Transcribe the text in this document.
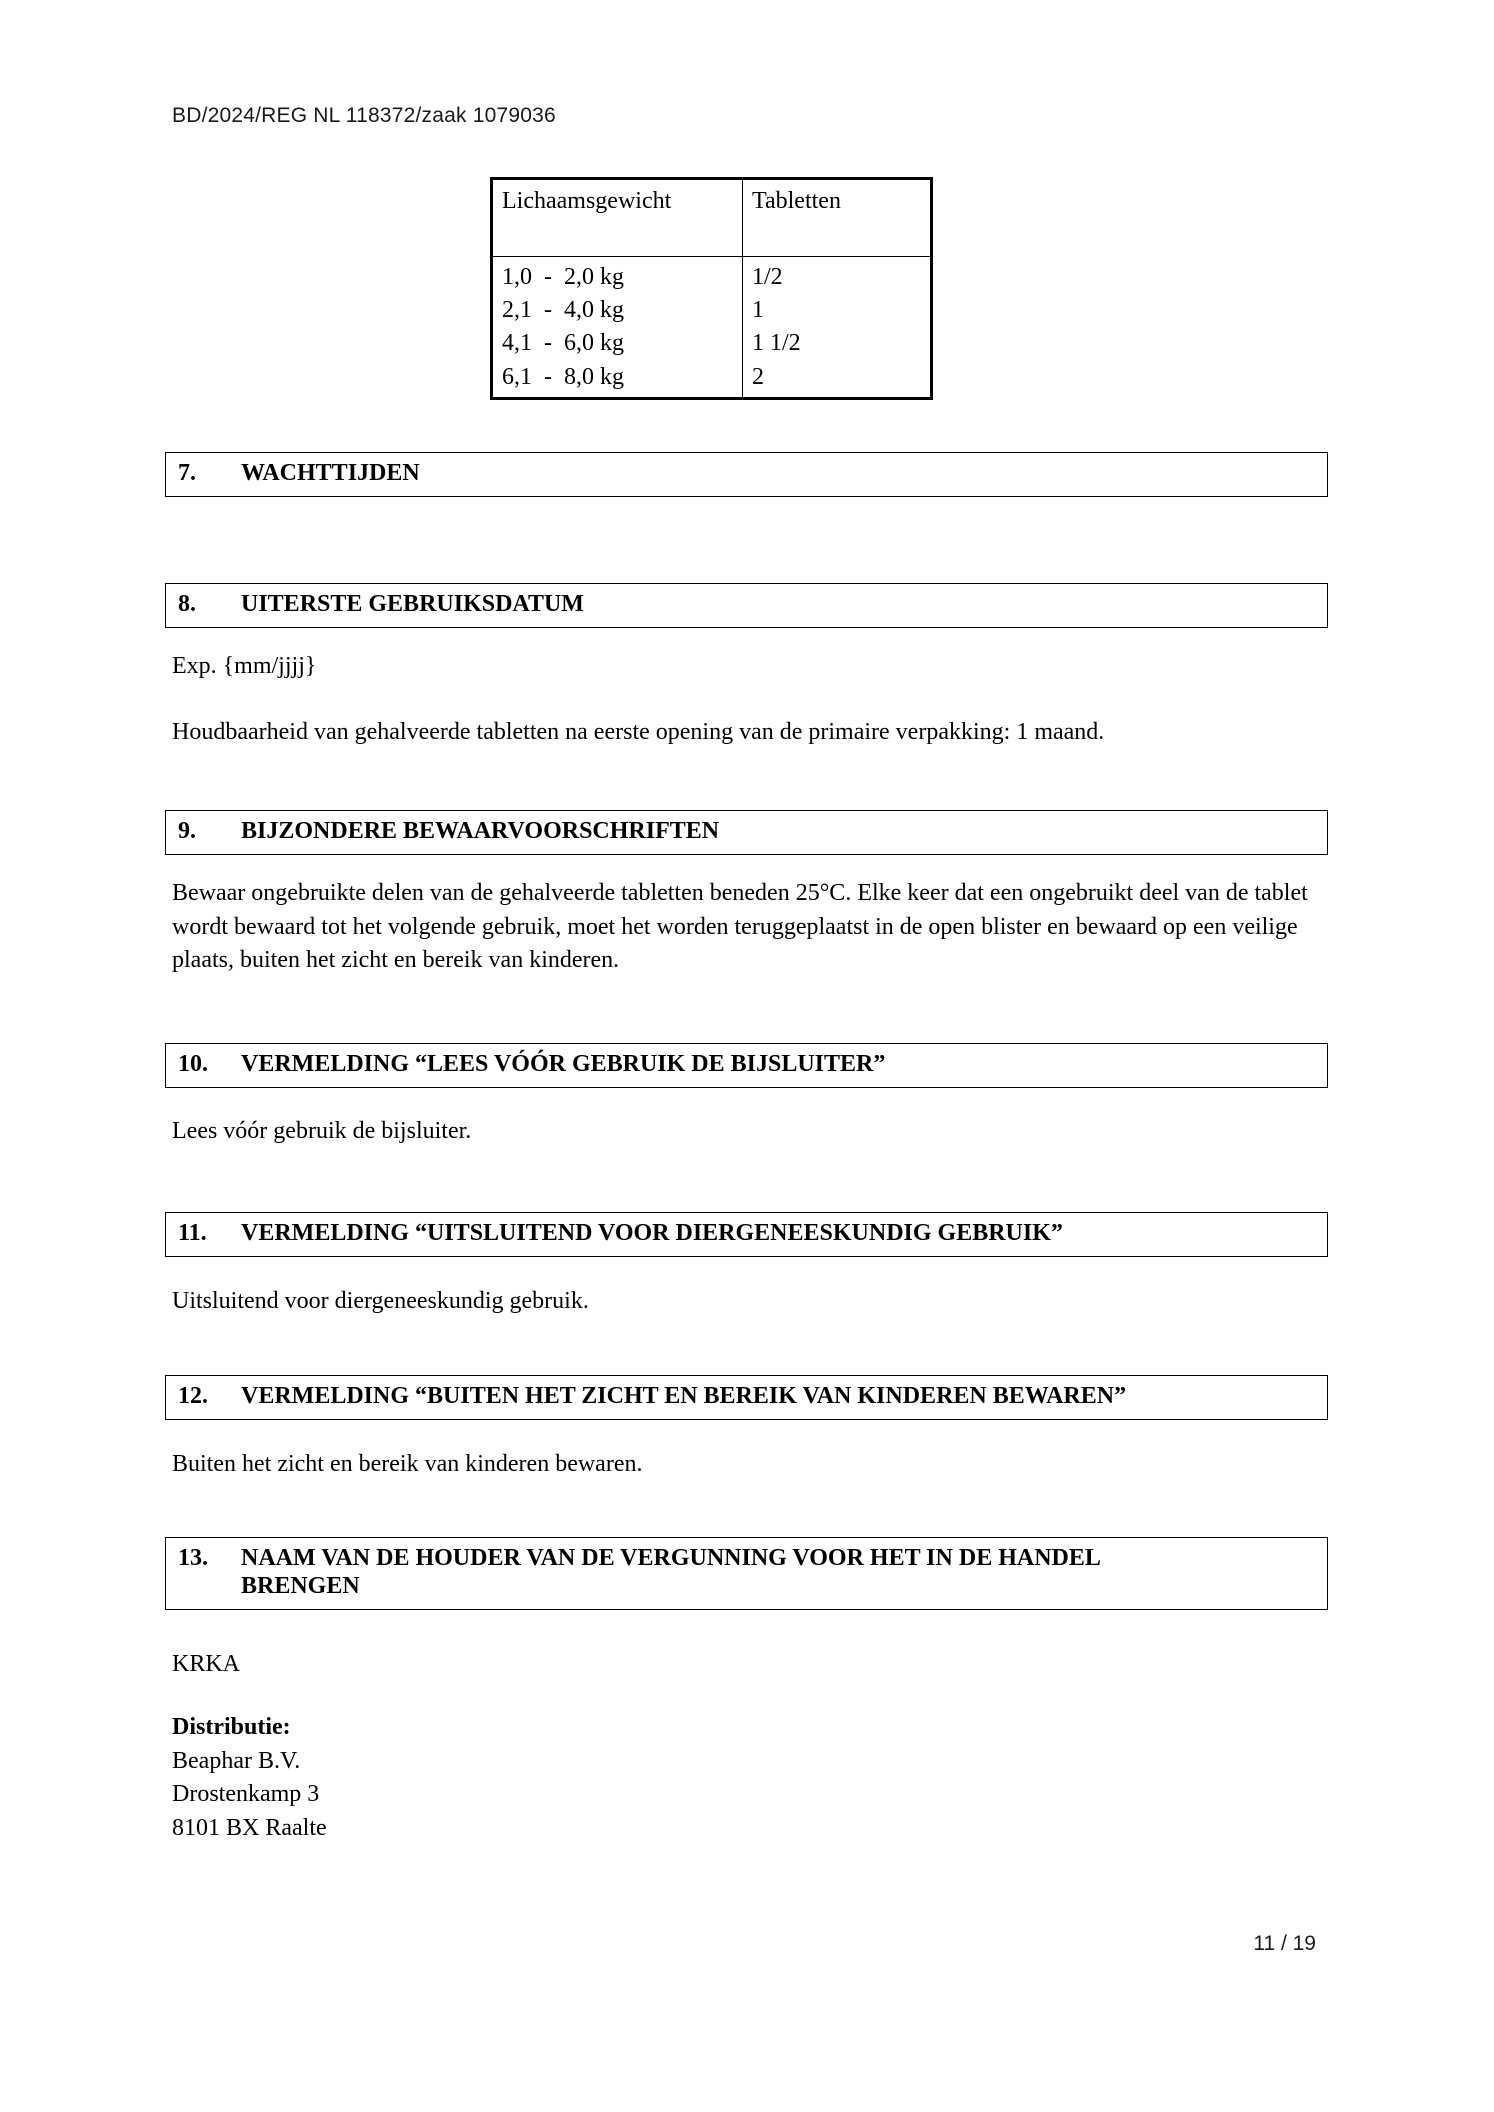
BD/2024/REG NL 118372/zaak 1079036
Lichaamsgewicht	Tabletten
1,0  -  2,0 kg	1/2
2,1  -  4,0 kg	1
4,1  -  6,0 kg	1 1/2
6,1  -  8,0 kg	2
7. WACHTTIJDEN
8. UITERSTE GEBRUIKSDATUM
Exp. {mm/jjjj}
Houdbaarheid van gehalveerde tabletten na eerste opening van de primaire verpakking: 1 maand.
9. BIJZONDERE BEWAARVOORSCHRIFTEN
Bewaar ongebruikte delen van de gehalveerde tabletten beneden 25°C. Elke keer dat een ongebruikt deel van de tablet wordt bewaard tot het volgende gebruik, moet het worden teruggeplaatst in de open blister en bewaard op een veilige plaats, buiten het zicht en bereik van kinderen.
10. VERMELDING “LEES VÓÓR GEBRUIK DE BIJSLUITER”
Lees vóór gebruik de bijsluiter.
11. VERMELDING “UITSLUITEND VOOR DIERGENEESKUNDIG GEBRUIK”
Uitsluitend voor diergeneeskundig gebruik.
12. VERMELDING “BUITEN HET ZICHT EN BEREIK VAN KINDEREN BEWAREN”
Buiten het zicht en bereik van kinderen bewaren.
13. NAAM VAN DE HOUDER VAN DE VERGUNNING VOOR HET IN DE HANDEL
BRENGEN
KRKA
Distributie:
Beaphar B.V.
Drostenkamp 3
8101 BX Raalte
11 / 19
